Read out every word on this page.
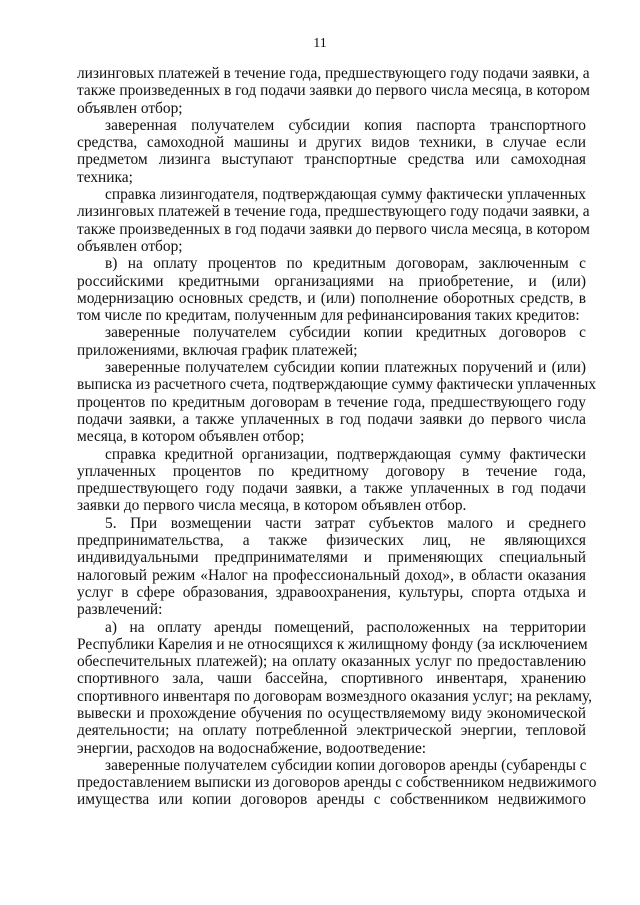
11
лизинговых платежей в течение года, предшествующего году подачи заявки, а
также произведенных в год подачи заявки до первого числа месяца, в котором
объявлен отбор;
заверенная получателем субсидии копия паспорта транспортного
средства, самоходной машины и других видов техники, в случае если
предметом лизинга выступают транспортные средства или самоходная
техника;
справка лизингодателя, подтверждающая сумму фактически уплаченных
лизинговых платежей в течение года, предшествующего году подачи заявки, а
также произведенных в год подачи заявки до первого числа месяца, в котором
объявлен отбор;
в) на оплату процентов по кредитным договорам, заключенным с
российскими кредитными организациями на приобретение, и (или)
модернизацию основных средств, и (или) пополнение оборотных средств, в
том числе по кредитам, полученным для рефинансирования таких кредитов:
заверенные получателем субсидии копии кредитных договоров с
приложениями, включая график платежей;
заверенные получателем субсидии копии платежных поручений и (или)
выписка из расчетного счета, подтверждающие сумму фактически уплаченных
процентов по кредитным договорам в течение года, предшествующего году
подачи заявки, а также уплаченных в год подачи заявки до первого числа
месяца, в котором объявлен отбор;
справка кредитной организации, подтверждающая сумму фактически
уплаченных процентов по кредитному договору в течение года,
предшествующего году подачи заявки, а также уплаченных в год подачи
заявки до первого числа месяца, в котором объявлен отбор.
5. При возмещении части затрат субъектов малого и среднего
предпринимательства, а также физических лиц, не являющихся
индивидуальными предпринимателями и применяющих специальный
налоговый режим «Налог на профессиональный доход», в области оказания
услуг в сфере образования, здравоохранения, культуры, спорта отдыха и
развлечений:
а) на оплату аренды помещений, расположенных на территории
Республики Карелия и не относящихся к жилищному фонду (за исключением
обеспечительных платежей); на оплату оказанных услуг по предоставлению
спортивного зала, чаши бассейна, спортивного инвентаря, хранению
спортивного инвентаря по договорам возмездного оказания услуг; на рекламу,
вывески и прохождение обучения по осуществляемому виду экономической
деятельности; на оплату потребленной электрической энергии, тепловой
энергии, расходов на водоснабжение, водоотведение:
заверенные получателем субсидии копии договоров аренды (субаренды с
предоставлением выписки из договоров аренды с собственником недвижимого
имущества или копии договоров аренды с собственником недвижимого
